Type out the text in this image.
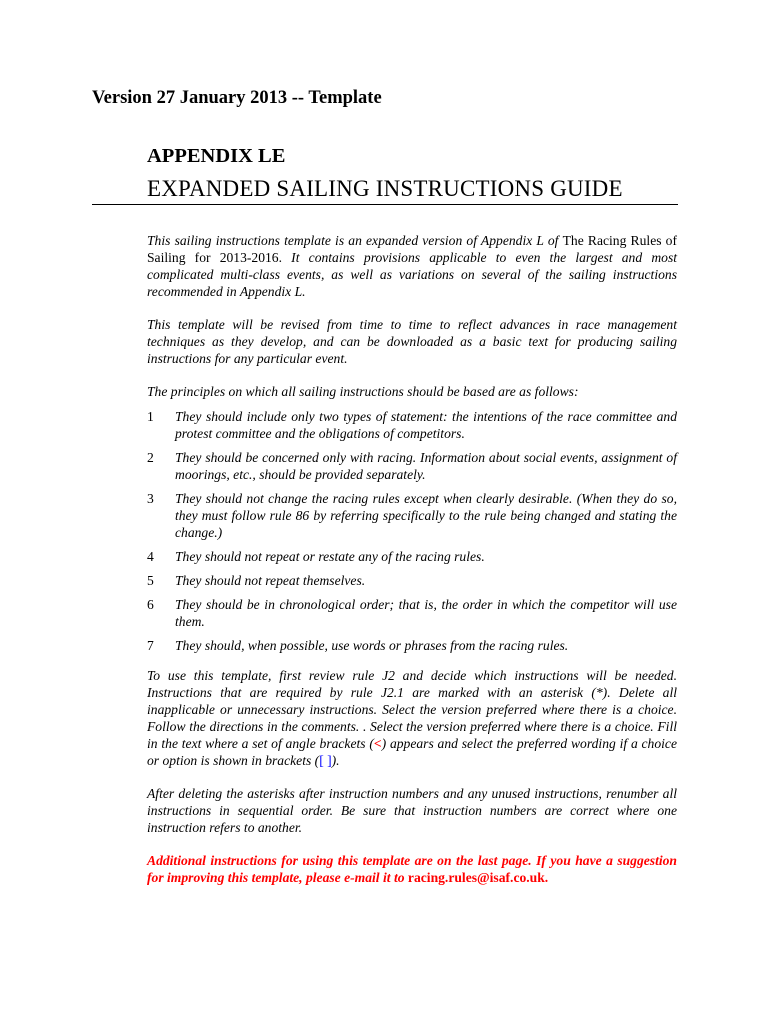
Version 27 January 2013 -- Template
APPENDIX LE
EXPANDED SAILING INSTRUCTIONS GUIDE

This sailing instructions template is an expanded version of Appendix L of The Racing Rules of Sailing for 2013-2016. It contains provisions applicable to even the largest and most complicated multi-class events, as well as variations on several of the sailing instructions recommended in Appendix L.

This template will be revised from time to time to reflect advances in race management techniques as they develop, and can be downloaded as a basic text for producing sailing instructions for any particular event.

The principles on which all sailing instructions should be based are as follows:

1	They should include only two types of statement: the intentions of the race committee and protest committee and the obligations of competitors.
2	They should be concerned only with racing. Information about social events, assignment of moorings, etc., should be provided separately.
3	They should not change the racing rules except when clearly desirable. (When they do so, they must follow rule 86 by referring specifically to the rule being changed and stating the change.)
4	They should not repeat or restate any of the racing rules.
5	They should not repeat themselves.
6	They should be in chronological order; that is, the order in which the competitor will use them.
7	They should, when possible, use words or phrases from the racing rules.

To use this template, first review rule J2 and decide which instructions will be needed. Instructions that are required by rule J2.1 are marked with an asterisk (*). Delete all inapplicable or unnecessary instructions. Select the version preferred where there is a choice. Follow the directions in the comments. . Select the version preferred where there is a choice. Fill in the text where a set of angle brackets (<) appears and select the preferred wording if a choice or option is shown in brackets ([ ]).

After deleting the asterisks after instruction numbers and any unused instructions, renumber all instructions in sequential order. Be sure that instruction numbers are correct where one instruction refers to another.

Additional instructions for using this template are on the last page. If you have a suggestion for improving this template, please e-mail it to racing.rules@isaf.co.uk.
